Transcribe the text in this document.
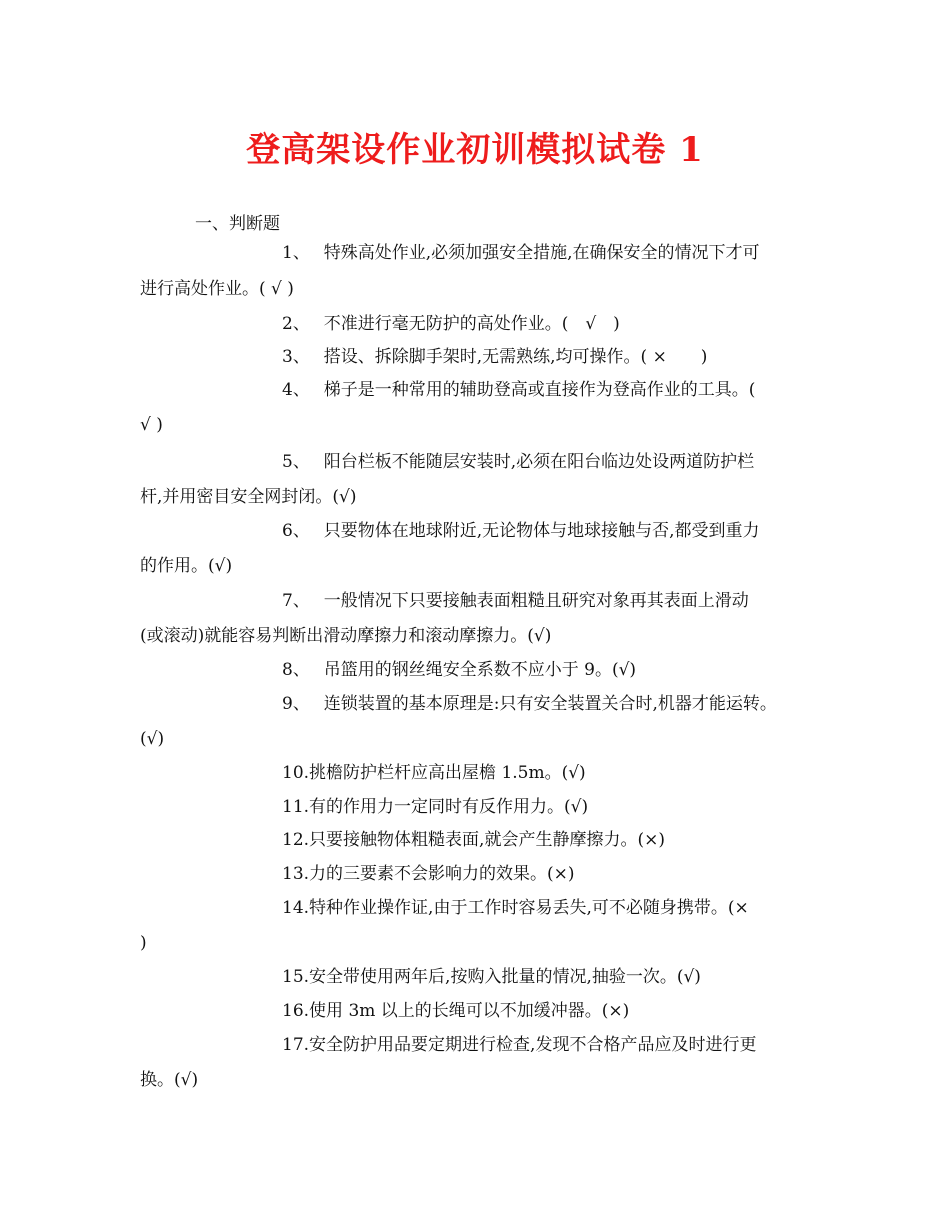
登高架设作业初训模拟试卷 1
一、判断题
1、　 特殊高处作业,必须加强安全措施,在确保安全的情况下才可
进行高处作业。( √ )
2、　 不准进行毫无防护的高处作业。(　√　)
3、　 搭设、拆除脚手架时,无需熟练,均可操作。( ×　　)
4、　 梯子是一种常用的辅助登高或直接作为登高作业的工具。(
√ )
5、　 阳台栏板不能随层安装时,必须在阳台临边处设两道防护栏
杆,并用密目安全网封闭。(√)
6、　 只要物体在地球附近,无论物体与地球接触与否,都受到重力
的作用。(√)
7、　 一般情况下只要接触表面粗糙且研究对象再其表面上滑动
(或滚动)就能容易判断出滑动摩擦力和滚动摩擦力。(√)
8、　 吊篮用的钢丝绳安全系数不应小于 9。(√)
9、　 连锁装置的基本原理是:只有安全装置关合时,机器才能运转。
(√)
10.挑檐防护栏杆应高出屋檐 1.5m。(√)
11.有的作用力一定同时有反作用力。(√)
12.只要接触物体粗糙表面,就会产生静摩擦力。(×)
13.力的三要素不会影响力的效果。(×)
14.特种作业操作证,由于工作时容易丢失,可不必随身携带。(×
)
15.安全带使用两年后,按购入批量的情况,抽验一次。(√)
16.使用 3m 以上的长绳可以不加缓冲器。(×)
17.安全防护用品要定期进行检查,发现不合格产品应及时进行更
换。(√)
